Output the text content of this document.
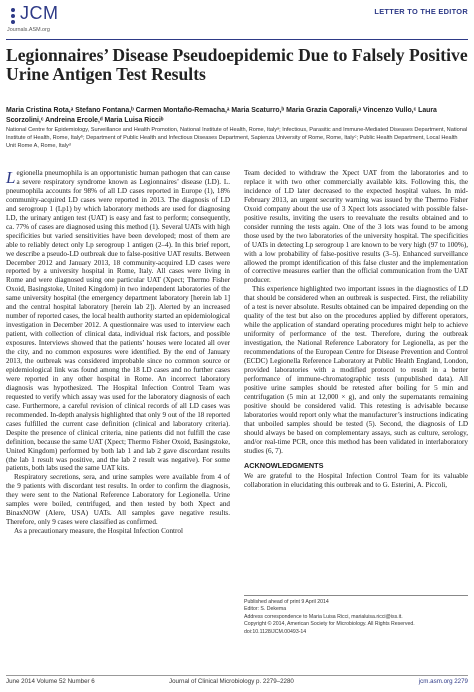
JCM
Journals.ASM.org
LETTER TO THE EDITOR
Legionnaires’ Disease Pseudoepidemic Due to Falsely Positive Urine Antigen Test Results
Maria Cristina Rota,ᵃ Stefano Fontana,ᵇ Carmen Montaño-Remacha,ᵃ Maria Scaturro,ᵇ Maria Grazia Caporali,ᵃ Vincenzo Vullo,ᶜ Laura Scorzolini,ᶜ Andreina Ercole,ᵈ Maria Luisa Ricciᵇ
National Centre for Epidemiology, Surveillance and Health Promotion, National Institute of Health, Rome, Italyᵃ; Infectious, Parasitic and Immune-Mediated Diseases Department, National Institute of Health, Rome, Italyᵇ; Department of Public Health and Infectious Diseases Department, Sapienza University of Rome, Rome, Italyᶜ; Public Health Department, Local Health Unit Rome A, Rome, Italyᵈ

Legionella pneumophila is an opportunistic human pathogen that can cause a severe respiratory syndrome known as Legionnaires’ disease (LD). L. pneumophila accounts for 98% of all LD cases reported in Europe (1), 18% community-acquired LD cases were reported in 2013. The diagnosis of LD and serogroup 1 (Lp1) by which laboratory methods are used for diagnosing LD, the urinary antigen test (UAT) is easy and fast to perform; consequently, ca. 77% of cases are diagnosed using this method (1). Several UATs with high specificities but varied sensitivities have been developed; most of them are able to reliably detect only Lp serogroup 1 antigen (2–4). In this brief report, we describe a pseudo-LD outbreak due to false-positive UAT results. Between December 2012 and January 2013, 18 community-acquired LD cases were reported by a university hospital in Rome, Italy. All cases were living in Rome and were diagnosed using one particular UAT (Xpect; Thermo Fisher Oxoid, Basingstoke, United Kingdom) in two independent laboratories of the same university hospital (the emergency department laboratory [herein lab 1] and the central hospital laboratory [herein lab 2]). Alerted by an increased number of reported cases, the local health authority started an epidemiological investigation in December 2012. A questionnaire was used to interview each patient, with collection of clinical data, individual risk factors, and possible exposures. Interviews showed that the patients’ houses were located all over the city, and no common exposures were identified. By the end of January 2013, the outbreak was considered improbable since no common source or epidemiological link was found among the 18 LD cases and no further cases were reported in any other hospital in Rome. An incorrect laboratory diagnosis was hypothesized. The Hospital Infection Control Team was requested to verify which assay was used for the laboratory diagnosis of each case. Furthermore, a careful revision of clinical records of all LD cases was recommended. In-depth analysis highlighted that only 9 out of the 18 reported cases fulfilled the current case definition (clinical and laboratory criteria). Despite the presence of clinical criteria, nine patients did not fulfill the case definition, because the same UAT (Xpect; Thermo Fisher Oxoid, Basingstoke, United Kingdom) performed by both lab 1 and lab 2 gave discordant results (the lab 1 result was positive, and the lab 2 result was negative). For some patients, both labs used the same UAT kits.

Respiratory secretions, sera, and urine samples were available from 4 of the 9 patients with discordant test results. In order to confirm the diagnosis, they were sent to the National Reference Laboratory for Legionella. Urine samples were boiled, centrifuged, and then tested by both Xpect and BinaxNOW (Alere, USA) UATs. All samples gave negative results. Therefore, only 9 cases were classified as confirmed.

As a precautionary measure, the Hospital Infection Control

Team decided to withdraw the Xpect UAT from the laboratories and to replace it with two other commercially available kits. Following this, the incidence of LD later decreased to the expected hospital values. In mid-February 2013, an urgent security warning was issued by the Thermo Fisher Oxoid company about the use of 3 Xpect lots associated with possible false-positive results, inviting the users to reevaluate the results obtained and to consider running the tests again. One of the 3 lots was found to be among those used by the two laboratories of the university hospital. The specificities of UATs in detecting Lp serogroup 1 are known to be very high (97 to 100%), with a low probability of false-positive results (3–5). Enhanced surveillance allowed the prompt identification of this false cluster and the implementation of corrective measures earlier than the official communication from the UAT producer.

This experience highlighted two important issues in the diagnostics of LD that should be considered when an outbreak is suspected. First, the reliability of a test is never absolute. Results obtained can be impaired depending on the quality of the test but also on the procedures applied by different operators, while the application of standard operating procedures might help to achieve uniformity of performance of the test. Therefore, during the outbreak investigation, the National Reference Laboratory for Legionella, as per the recommendations of the European Centre for Disease Prevention and Control (ECDC) Legionella Reference Laboratory at Public Health England, London, provided laboratories with a modified protocol to result in a better performance of immune-chromatographic tests (unpublished data). All positive urine samples should be retested after boiling for 5 min and centrifugation (5 min at 12,000 × g), and only the supernatants remaining positive should be considered valid. This retesting is advisable because laboratories would report only what the manufacturer’s instructions indicating that unboiled samples should be tested (5). Second, the diagnosis of LD should always be based on complementary assays, such as culture, serology, and/or real-time PCR, once this method has been validated in interlaboratory studies (6, 7).

ACKNOWLEDGMENTS

We are grateful to the Hospital Infection Control Team for its valuable collaboration in elucidating this outbreak and to G. Esterini, A. Piccoli,

Published ahead of print 9 April 2014
Editor: S. Dekema
Address correspondence to Maria Luisa Ricci, marialuisa.ricci@iss.it.
Copyright © 2014, American Society for Microbiology. All Rights Reserved.
doi:10.1128/JCM.00493-14
June 2014 Volume 52 Number 6	Journal of Clinical Microbiology p. 2279–2280	jcm.asm.org 2279
